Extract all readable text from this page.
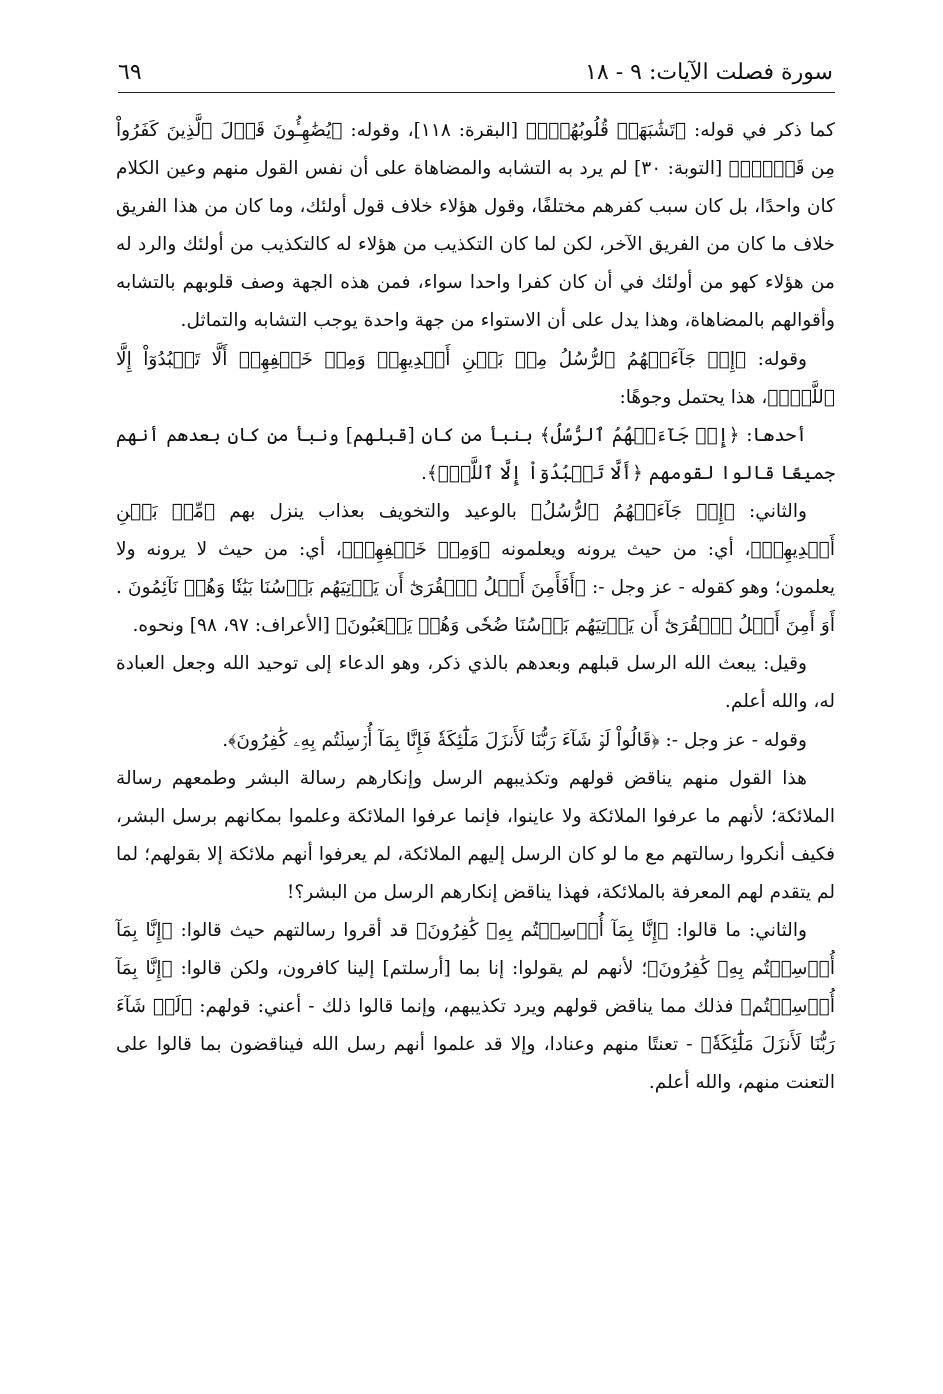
سورة فصلت الآيات: ٩ - ١٨
٦٩

كما ذكر في قوله: ﴿تَشَٰبَهَتۡ قُلُوبُهُمۡۗ﴾ [البقرة: ١١٨]، وقوله: ﴿يُضَٰهِـُٔونَ قَوۡلَ ٱلَّذِينَ كَفَرُواْ مِن قَبۡلُۚ﴾ [التوبة: ٣٠] لم يرد به التشابه والمضاهاة على أن نفس القول منهم وعين الكلام كان واحدًا، بل كان سبب كفرهم مختلفًا، وقول هؤلاء خلاف قول أولئك، وما كان من هذا الفريق خلاف ما كان من الفريق الآخر، لكن لما كان التكذيب من هؤلاء له كالتكذيب من أولئك والرد له من هؤلاء كهو من أولئك في أن كان كفرا واحدا سواء، فمن هذه الجهة وصف قلوبهم بالتشابه وأقوالهم بالمضاهاة، وهذا يدل على أن الاستواء من جهة واحدة يوجب التشابه والتماثل.

وقوله: ﴿إِذۡ جَآءَتۡهُمُ ٱلرُّسُلُ مِنۢ بَيۡنِ أَيۡدِيهِمۡ وَمِنۡ خَلۡفِهِمۡ أَلَّا تَعۡبُدُوٓاْ إِلَّا ٱللَّهَۖ﴾، هذا يحتمل وجوهًا:

أحدها: ﴿إِذۡ جَآءَتۡهُمُ ٱلرُّسُلُ﴾ بنبأ من كان [قبلهم] ونبأ من كان بعدهم أنهم جميعًا قالوا لقومهم ﴿أَلَّا تَعۡبُدُوٓاْ إِلَّا ٱللَّهَۖ﴾.

والثاني: ﴿إِذۡ جَآءَتۡهُمُ ٱلرُّسُلُ﴾ بالوعيد والتخويف بعذاب ينزل بهم ﴿مِّنۢ بَيۡنِ أَيۡدِيهِمۡ﴾، أي: من حيث يرونه ويعلمونه ﴿وَمِنۡ خَلۡفِهِمۡ﴾، أي: من حيث لا يرونه ولا يعلمون؛ وهو كقوله - عز وجل -: ﴿أَفَأَمِنَ أَهۡلُ ٱلۡقُرَىٰٓ أَن يَأۡتِيَهُم بَأۡسُنَا بَيَٰتٗا وَهُمۡ نَآئِمُونَ . أَوَ أَمِنَ أَهۡلُ ٱلۡقُرَىٰٓ أَن يَأۡتِيَهُم بَأۡسُنَا ضُحٗى وَهُمۡ يَلۡعَبُونَ﴾ [الأعراف: ٩٧، ٩٨] ونحوه.

وقيل: يبعث الله الرسل قبلهم وبعدهم بالذي ذكر، وهو الدعاء إلى توحيد الله وجعل العبادة له، والله أعلم.

وقوله - عز وجل -: ﴿قَالُواْ لَوۡ شَآءَ رَبُّنَا لَأَنزَلَ مَلَٰٓئِكَةٗ فَإِنَّا بِمَآ أُرۡسِلۡتُم بِهِۦ كَٰفِرُونَ﴾.

هذا القول منهم يناقض قولهم وتكذيبهم الرسل وإنكارهم رسالة البشر وطمعهم رسالة الملائكة؛ لأنهم ما عرفوا الملائكة ولا عاينوا، فإنما عرفوا الملائكة وعلموا بمكانهم برسل البشر، فكيف أنكروا رسالتهم مع ما لو كان الرسل إليهم الملائكة، لم يعرفوا أنهم ملائكة إلا بقولهم؛ لما لم يتقدم لهم المعرفة بالملائكة، فهذا يناقض إنكارهم الرسل من البشر؟!

والثاني: ما قالوا: ﴿إِنَّا بِمَآ أُرۡسِلۡتُم بِهِۦ كَٰفِرُونَ﴾ قد أقروا رسالتهم حيث قالوا: ﴿إِنَّا بِمَآ أُرۡسِلۡتُم بِهِۦ كَٰفِرُونَ﴾؛ لأنهم لم يقولوا: إنا بما [أرسلتم] إلينا كافرون، ولكن قالوا: ﴿إِنَّا بِمَآ أُرۡسِلۡتُم﴾ فذلك مما يناقض قولهم ويرد تكذيبهم، وإنما قالوا ذلك - أعني: قولهم: ﴿لَوۡ شَآءَ رَبُّنَا لَأَنزَلَ مَلَٰٓئِكَةٗ﴾ - تعنتًا منهم وعنادا، وإلا قد علموا أنهم رسل الله فيناقضون بما قالوا على التعنت منهم، والله أعلم.
